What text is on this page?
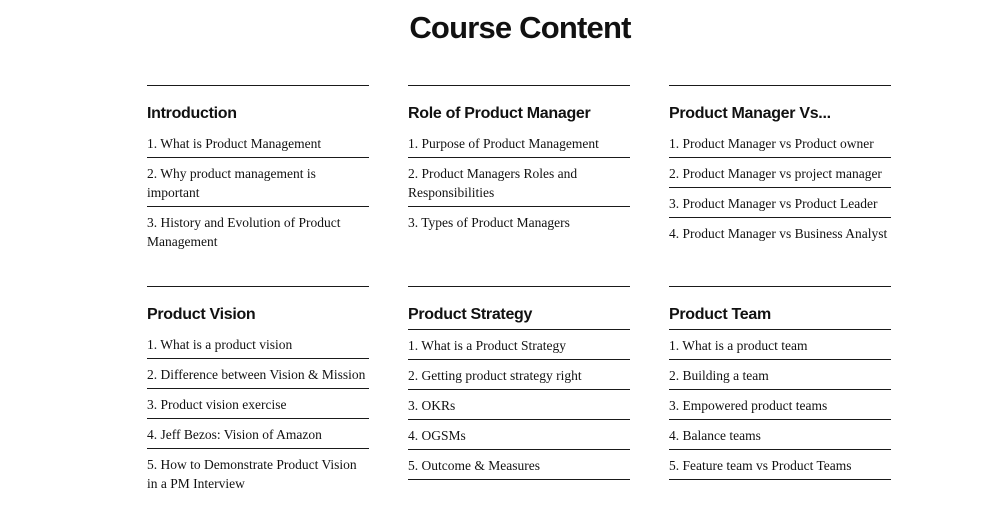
Course Content
Introduction
1. What is Product Management
2. Why product management is important
3. History and Evolution of Product Management
Role of Product Manager
1. Purpose of Product Management
2. Product Managers Roles and Responsibilities
3. Types of Product Managers
Product Manager Vs...
1. Product Manager vs Product owner
2. Product Manager vs project manager
3. Product Manager vs Product Leader
4. Product Manager vs Business Analyst
Product Vision
1. What is a product vision
2. Difference between Vision & Mission
3. Product vision exercise
4. Jeff Bezos: Vision of Amazon
5. How to Demonstrate Product Vision in a PM Interview
Product Strategy
1. What is a Product Strategy
2. Getting product strategy right
3. OKRs
4. OGSMs
5. Outcome & Measures
Product Team
1. What is a product team
2. Building a team
3. Empowered product teams
4. Balance teams
5. Feature team vs Product Teams
